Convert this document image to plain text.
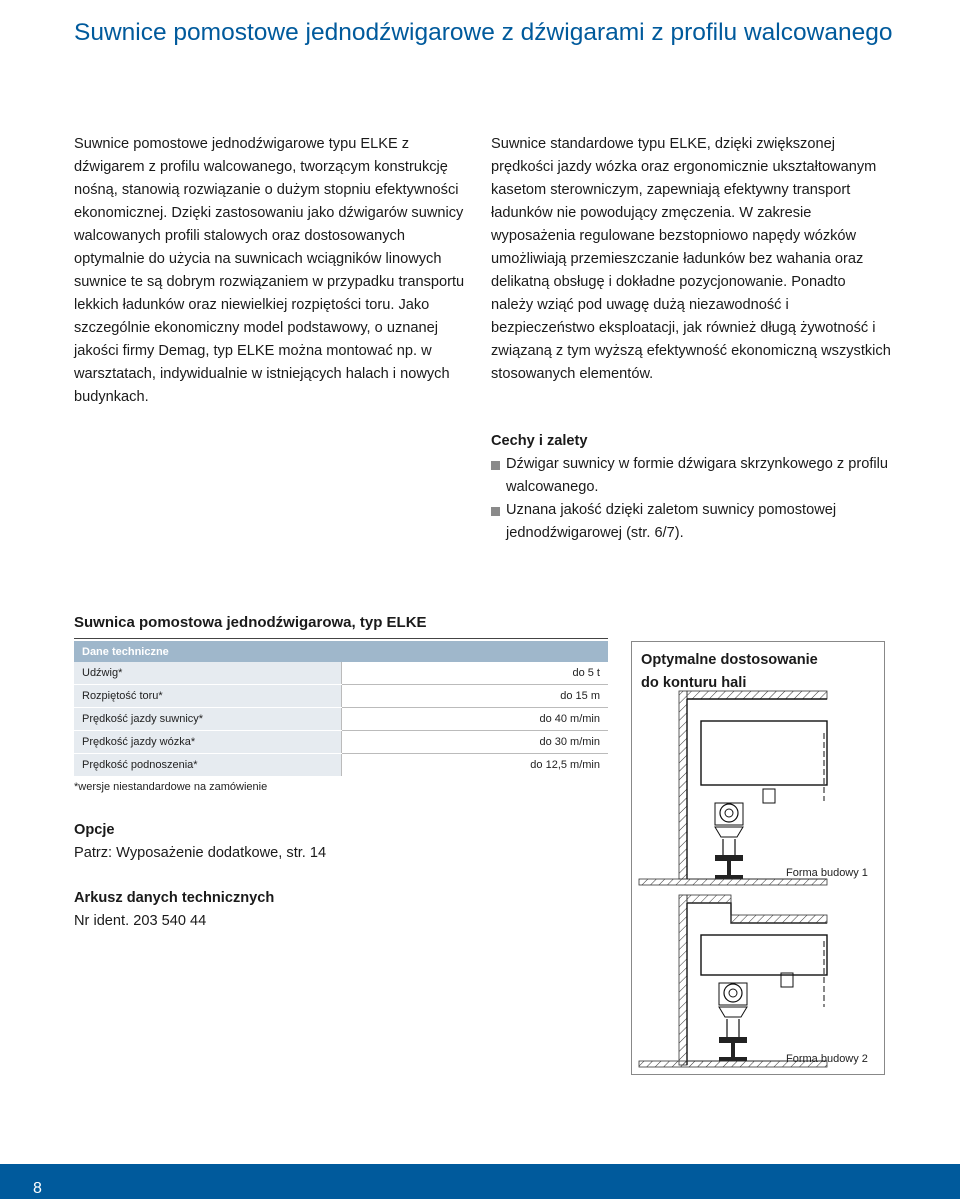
Suwnice pomostowe jednodźwigarowe z dźwigarami z profilu walcowanego
Suwnice pomostowe jednodźwigarowe typu ELKE z dźwigarem z profilu walcowanego, tworzącym konstrukcję nośną, stanowią rozwiązanie o dużym stopniu efektywności ekonomicznej. Dzięki zastosowaniu jako dźwigarów suwnicy walcowanych profili stalowych oraz dostosowanych optymalnie do użycia na suwnicach wciągników linowych suwnice te są dobrym rozwiązaniem w przypadku transportu lekkich ładunków oraz niewielkiej rozpiętości toru. Jako szczególnie ekonomiczny model podstawowy, o uznanej jakości firmy Demag, typ ELKE można montować np. w warsztatach, indywidualnie w istniejących halach i nowych budynkach.
Suwnice standardowe typu ELKE, dzięki zwiększonej prędkości jazdy wózka oraz ergonomicznie ukształtowanym kasetom sterowniczym, zapewniają efektywny transport ładunków nie powodujący zmęczenia. W zakresie wyposażenia regulowane bezstopniowo napędy wózków umożliwiają przemieszczanie ładunków bez wahania oraz delikatną obsługę i dokładne pozycjonowanie. Ponadto należy wziąć pod uwagę dużą niezawodność i bezpieczeństwo eksploatacji, jak również długą żywotność i związaną z tym wyższą efektywność ekonomiczną wszystkich stosowanych elementów.
Cechy i zalety
Dźwigar suwnicy w formie dźwigara skrzynkowego z profilu walcowanego.
Uznana jakość dzięki zaletom suwnicy pomostowej jednodźwigarowej (str. 6/7).
Suwnica pomostowa jednodźwigarowa, typ ELKE
Dane techniczne	
Udźwig*	do 5 t
Rozpiętość toru*	do 15 m
Prędkość jazdy suwnicy*	do 40 m/min
Prędkość jazdy wózka*	do 30 m/min
Prędkość podnoszenia*	do 12,5 m/min
*wersje niestandardowe na zamówienie
Opcje
Patrz: Wyposażenie dodatkowe, str. 14
Arkusz danych technicznych
Nr ident. 203 540 44
Optymalne dostosowanie
do konturu hali
Forma budowy 1
Forma budowy 2
8
